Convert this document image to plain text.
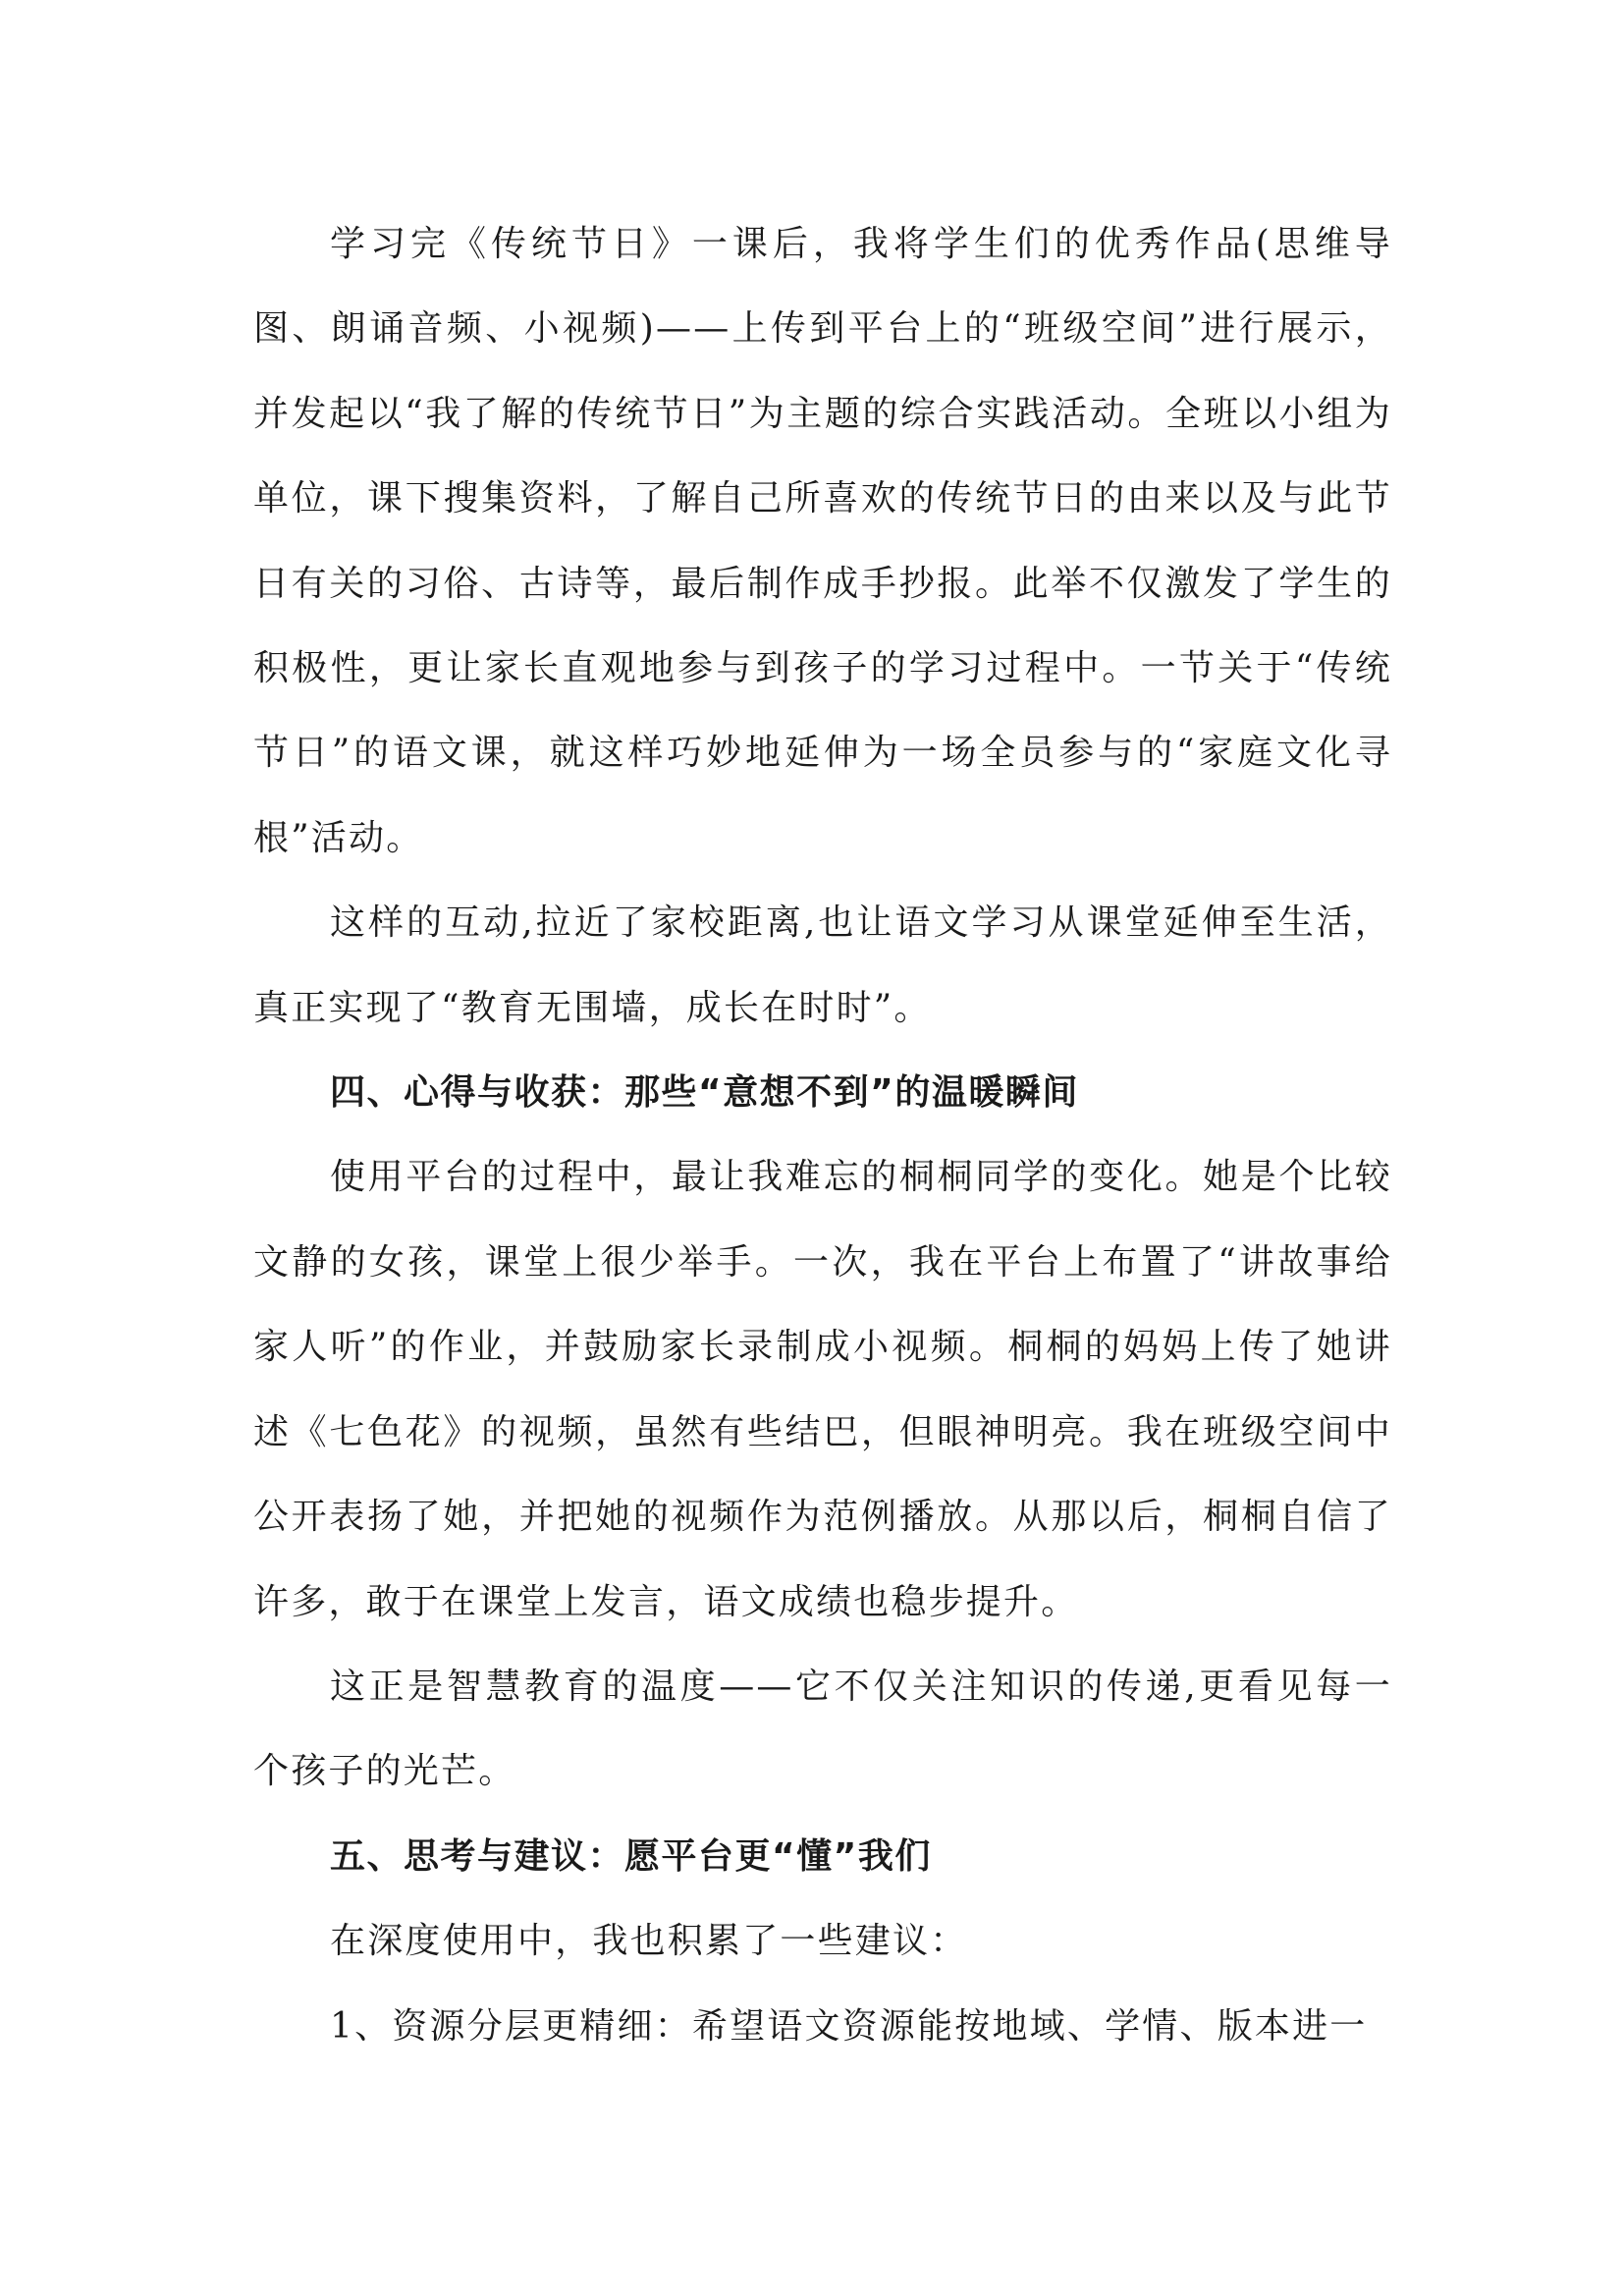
学习完《传统节日》一课后，我将学生们的优秀作品(思维导图、朗诵音频、小视频)——上传到平台上的“班级空间”进行展示，并发起以“我了解的传统节日”为主题的综合实践活动。全班以小组为单位，课下搜集资料，了解自己所喜欢的传统节日的由来以及与此节日有关的习俗、古诗等，最后制作成手抄报。此举不仅激发了学生的积极性，更让家长直观地参与到孩子的学习过程中。一节关于“传统节日”的语文课，就这样巧妙地延伸为一场全员参与的“家庭文化寻根”活动。

这样的互动,拉近了家校距离,也让语文学习从课堂延伸至生活，真正实现了“教育无围墙，成长在时时”。

四、心得与收获：那些“意想不到”的温暖瞬间

使用平台的过程中，最让我难忘的桐桐同学的变化。她是个比较文静的女孩，课堂上很少举手。一次，我在平台上布置了“讲故事给家人听”的作业，并鼓励家长录制成小视频。桐桐的妈妈上传了她讲述《七色花》的视频，虽然有些结巴，但眼神明亮。我在班级空间中公开表扬了她，并把她的视频作为范例播放。从那以后，桐桐自信了许多，敢于在课堂上发言，语文成绩也稳步提升。

这正是智慧教育的温度——它不仅关注知识的传递,更看见每一个孩子的光芒。

五、思考与建议：愿平台更“懂”我们

在深度使用中，我也积累了一些建议：

1、资源分层更精细：希望语文资源能按地域、学情、版本进一
